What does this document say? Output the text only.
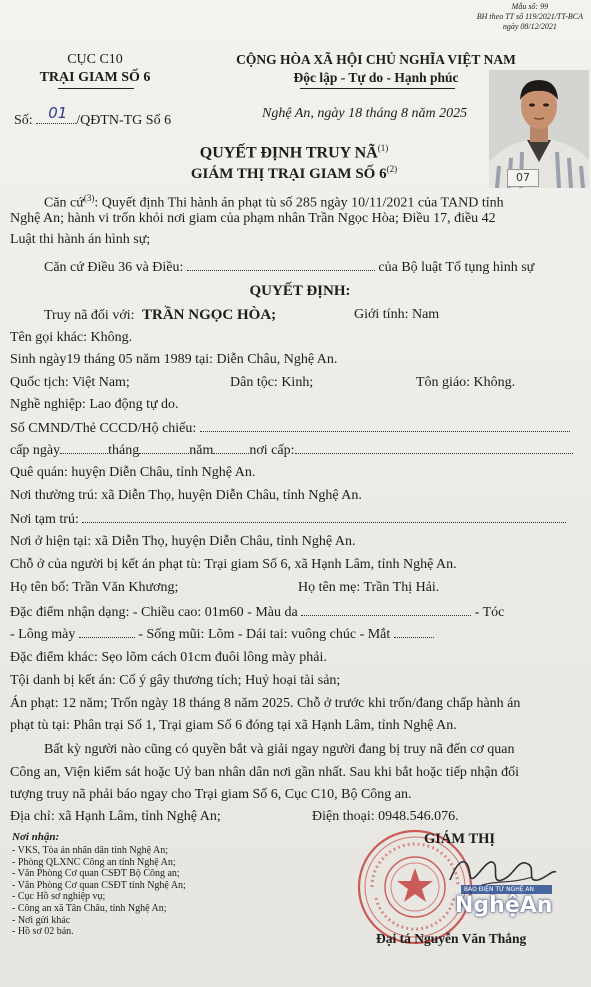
Mẫu số: 99
BH theo TT số 119/2021/TT-BCA
ngày 08/12/2021
CỤC C10
TRẠI GIAM SỐ 6
CỘNG HÒA XÃ HỘI CHỦ NGHĨA VIỆT NAM
Độc lập - Tự do - Hạnh phúc
Số: 01 /QĐTN-TG Số 6	Nghệ An, ngày 18 tháng 8 năm 2025
07
QUYẾT ĐỊNH TRUY NÃ$^{(1)}$
GIÁM THỊ TRẠI GIAM SỐ 6$^{(2)}$
Căn cứ$^{(3)}$: Quyết định Thi hành án phạt tù số 285 ngày 10/11/2021 của TAND tỉnh
Nghệ An; hành vi trốn khỏi nơi giam của phạm nhân Trần Ngọc Hòa; Điều 17, điều 42
Luật thi hành án hình sự;
Căn cứ Điều 36 và Điều:	của Bộ luật Tố tụng hình sự
QUYẾT ĐỊNH:
Truy nã đối với: TRẦN NGỌC HÒA;	Giới tính: Nam
Tên gọi khác: Không.
Sinh ngày19 tháng 05 năm 1989 tại: Diễn Châu, Nghệ An.
Quốc tịch: Việt Nam;	Dân tộc: Kinh;	Tôn giáo: Không.
Nghề nghiệp: Lao động tự do.
Số CMND/Thẻ CCCD/Hộ chiếu:
cấp ngày	tháng	năm	nơi cấp:
Quê quán: huyện Diễn Châu, tỉnh Nghệ An.
Nơi thường trú: xã Diễn Thọ, huyện Diễn Châu, tỉnh Nghệ An.
Nơi tạm trú:
Nơi ở hiện tại: xã Diễn Thọ, huyện Diễn Châu, tỉnh Nghệ An.
Chỗ ở của người bị kết án phạt tù: Trại giam Số 6, xã Hạnh Lâm, tỉnh Nghệ An.
Họ tên bố: Trần Văn Khương;	Họ tên mẹ: Trần Thị Hải.
Đặc điểm nhận dạng: - Chiều cao: 01m60 - Màu da	- Tóc
- Lông mày	- Sống mũi: Lõm - Dái tai: vuông chúc - Mắt
Đặc điểm khác: Sẹo lõm cách 01cm đuôi lông mày phải.
Tội danh bị kết án: Cố ý gây thương tích; Huỷ hoại tài sản;
Án phạt: 12 năm; Trốn ngày 18 tháng 8 năm 2025. Chỗ ở trước khi trốn/đang chấp hành án
phạt tù tại: Phân trại Số 1, Trại giam Số 6 đóng tại xã Hạnh Lâm, tỉnh Nghệ An.
Bất kỳ người nào cũng có quyền bắt và giải ngay người đang bị truy nã đến cơ quan
Công an, Viện kiểm sát hoặc Uỷ ban nhân dân nơi gần nhất. Sau khi bắt hoặc tiếp nhận đối
tượng truy nã phải báo ngay cho Trại giam Số 6, Cục C10, Bộ Công an.
Địa chỉ: xã Hạnh Lâm, tỉnh Nghệ An;	Điện thoại: 0948.546.076.
Nơi nhận:
- VKS, Tòa án nhân dân tỉnh Nghệ An;
- Phòng QLXNC Công an tỉnh Nghệ An;
- Văn Phòng Cơ quan CSĐT Bộ Công an;
- Văn Phòng Cơ quan CSĐT tỉnh Nghệ An;
- Cục Hồ sơ nghiệp vụ;
- Công an xã Tân Châu, tỉnh Nghệ An;
- Nơi gửi khác
- Hồ sơ 02 bản.
GIÁM THỊ
Đại tá Nguyễn Văn Thắng
BÁO ĐIỆN TỬ NGHỆ AN
NghệAn
